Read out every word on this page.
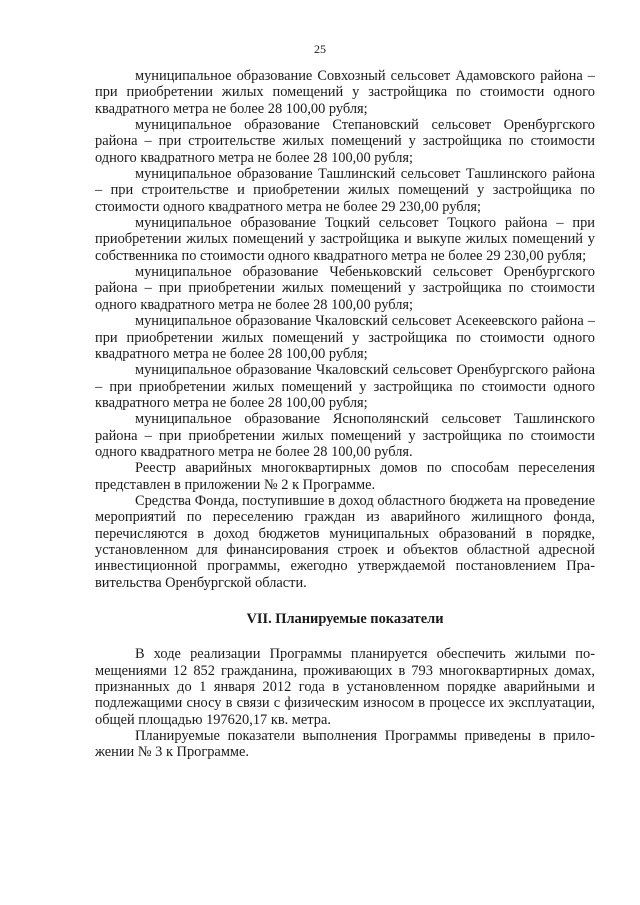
25

муниципальное образование Совхозный сельсовет Адамовского района – при приобретении жилых помещений у застройщика по стоимости одного квадратного метра не более 28 100,00 рубля;

муниципальное образование Степановский сельсовет Оренбургского района – при строительстве жилых помещений у застройщика по стоимости одного квадратного метра не более 28 100,00 рубля;

муниципальное образование Ташлинский сельсовет Ташлинского района – при строительстве и приобретении жилых помещений у застройщика по стоимости одного квадратного метра не более 29 230,00 рубля;

муниципальное образование Тоцкий сельсовет Тоцкого района – при приобретении жилых помещений у застройщика и выкупе жилых помещений у собственника по стоимости одного квадратного метра не более 29 230,00 рубля;

муниципальное образование Чебеньковский сельсовет Оренбургского района – при приобретении жилых помещений у застройщика по стоимости одного квадратного метра не более 28 100,00 рубля;

муниципальное образование Чкаловский сельсовет Асекеевского района – при приобретении жилых помещений у застройщика по стоимости одного квадратного метра не более 28 100,00 рубля;

муниципальное образование Чкаловский сельсовет Оренбургского района – при приобретении жилых помещений у застройщика по стоимости одного квадратного метра не более 28 100,00 рубля;

муниципальное образование Яснополянский сельсовет Ташлинского района – при приобретении жилых помещений у застройщика по стоимости одного квадратного метра не более 28 100,00 рубля.

Реестр аварийных многоквартирных домов по способам переселения представлен в приложении № 2 к Программе.

Средства Фонда, поступившие в доход областного бюджета на проведение мероприятий по переселению граждан из аварийного жилищного фонда, перечисляются в доход бюджетов муниципальных образований в порядке, установленном для финансирования строек и объектов областной адресной инвестиционной программы, ежегодно утверждаемой постановлением Правительства Оренбургской области.

VII. Планируемые показатели

В ходе реализации Программы планируется обеспечить жилыми помещениями 12 852 гражданина, проживающих в 793 многоквартирных домах, признанных до 1 января 2012 года в установленном порядке аварийными и подлежащими сносу в связи с физическим износом в процессе их эксплуатации, общей площадью 197620,17 кв. метра.

Планируемые показатели выполнения Программы приведены в приложении № 3 к Программе.
